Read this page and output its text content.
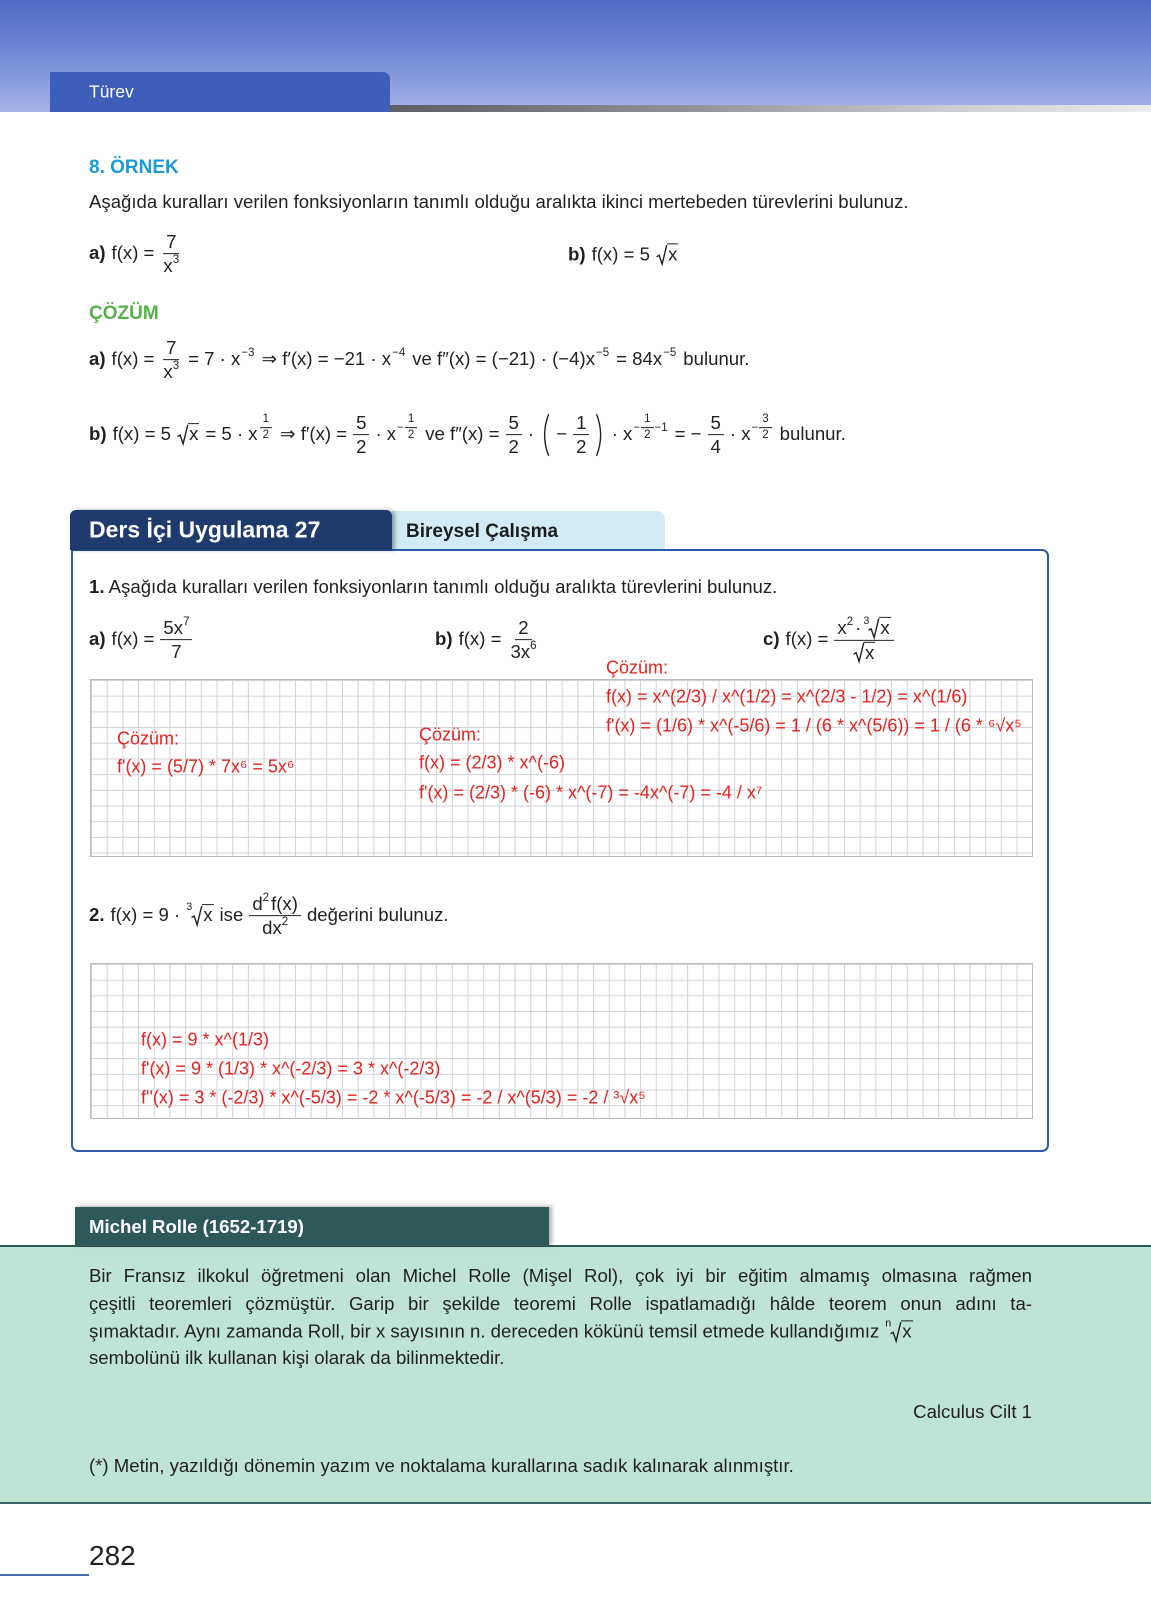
Türev
8. ÖRNEK
Aşağıda kuralları verilen fonksiyonların tanımlı olduğu aralıkta ikinci mertebeden türevlerini bulunuz.
a) $f(x) = \frac{7}{x3}$	b) f(x) = 5 x
ÇÖZÜM
a) $f(x) = \frac{7}{x3} = 7 \cdot x-3$ ⇒ f′(x) = −21 · x−4 ve f″(x) = (−21) · (−4)x−5 = 84x−5 bulunur.
b) f(x) = 5 x = 5 · x $\frac{1}{2}$ ⇒ $f'(x) = \frac{5}{2} \cdot x- \frac{1}{2}$ ve $f''(x) = \frac{5}{2}$ · − $\frac{1}{2} \cdot x- \frac{1}{2} -1$ = − $\frac{5}{4} \cdot x- \frac{3}{2}$ bulunur.
Ders İçi Uygulama 27	Bireysel Çalışma
1. Aşağıda kuralları verilen fonksiyonların tanımlı olduğu aralıkta türevlerini bulunuz.
a) $f(x) = \frac{5x7}{7}$	b) $f(x) = \frac{2}{3x6}$	c) $f(x) = \frac{x2 \cdot 3 x}{x}$
2. f(x) = 9 · 3 x ise $\frac{d2 f(x)}{dx2}$ değerini bulunuz.
Çözüm:
f(x) = x^(2/3) / x^(1/2) = x^(2/3 - 1/2) = x^(1/6)
f'(x) = (1/6) * x^(-5/6) = 1 / (6 * x^(5/6)) = 1 / (6 * ⁶√x⁵
Çözüm:
f'(x) = (5/7) * 7x⁶ = 5x⁶
Çözüm:
f(x) = (2/3) * x^(-6)
f'(x) = (2/3) * (-6) * x^(-7) = -4x^(-7) = -4 / x⁷
f(x) = 9 * x^(1/3)
f'(x) = 9 * (1/3) * x^(-2/3) = 3 * x^(-2/3)
f''(x) = 3 * (-2/3) * x^(-5/3) = -2 * x^(-5/3) = -2 / x^(5/3) = -2 / ³√x⁵
Michel Rolle (1652-1719)
Bir Fransız ilkokul öğretmeni olan Michel Rolle (Mişel Rol), çok iyi bir eğitim almamış olmasına rağmen
çeşitli teoremleri çözmüştür. Garip bir şekilde teoremi Rolle ispatlamadığı hâlde teorem onun adını ta-
şımaktadır. Aynı zamanda Roll, bir x sayısının n. dereceden kökünü temsil etmede kullandığımız n x
sembolünü ilk kullanan kişi olarak da bilinmektedir.
Calculus Cilt 1
(*) Metin, yazıldığı dönemin yazım ve noktalama kurallarına sadık kalınarak alınmıştır.
282
